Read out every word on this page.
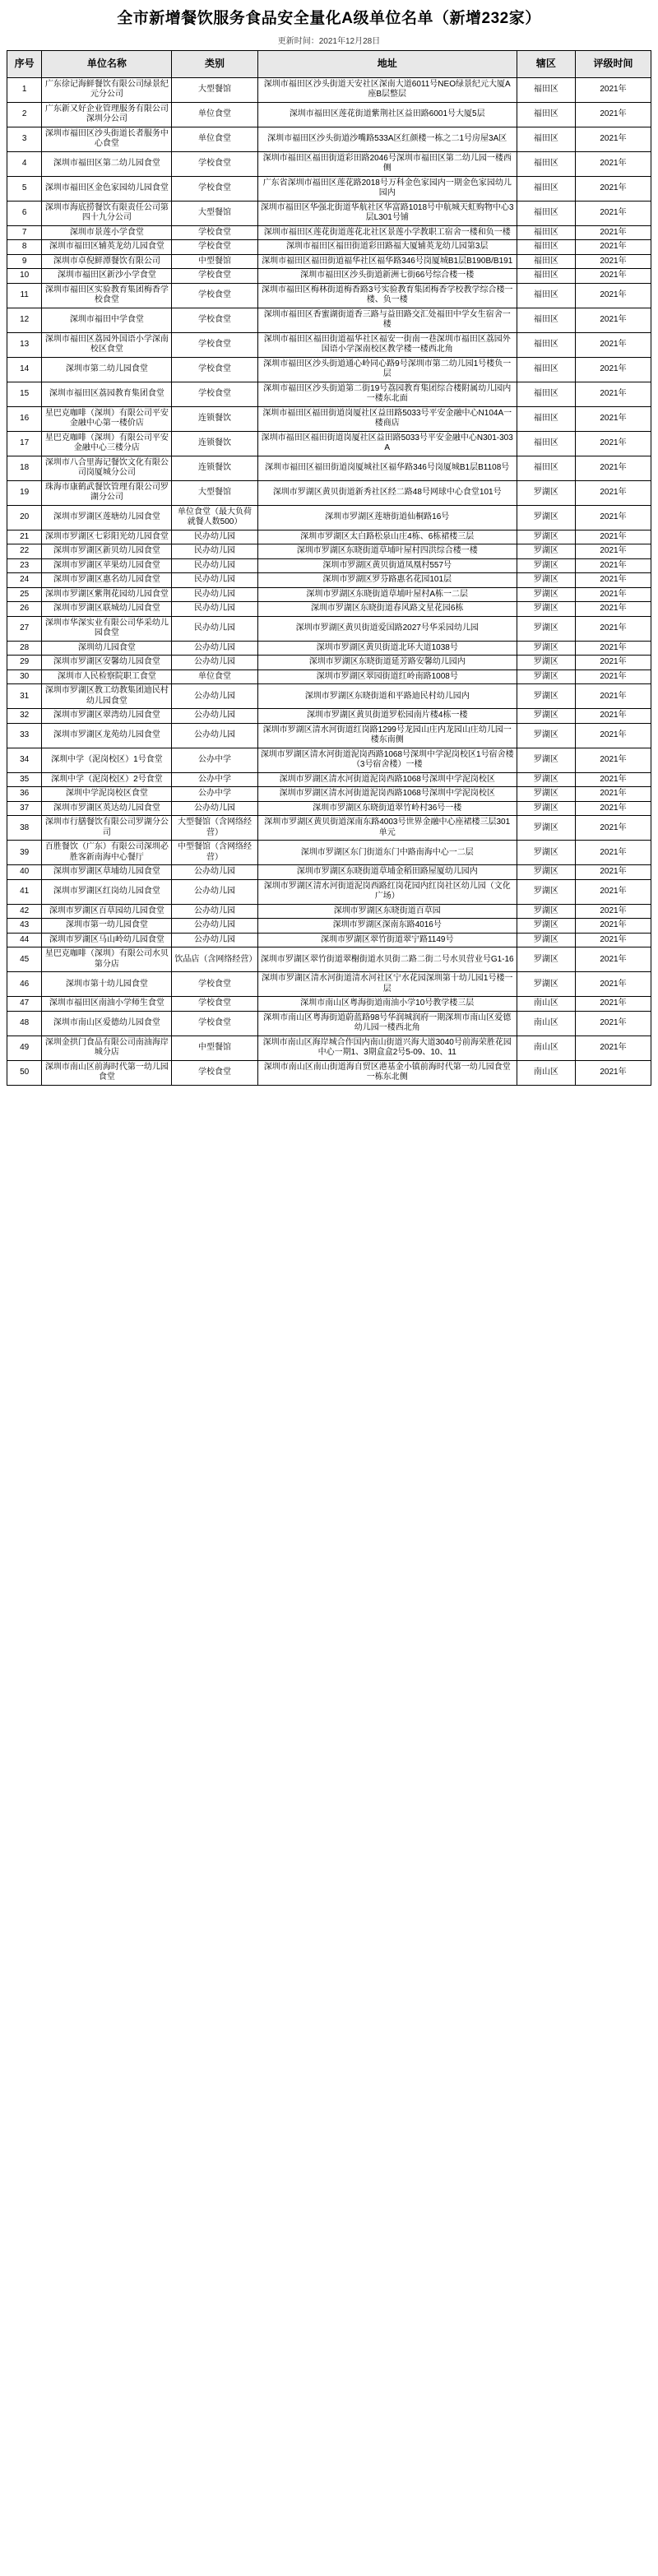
全市新增餐饮服务食品安全量化A级单位名单（新增232家）
更新时间：2021年12月28日
序号	单位名称	类别	地址	辖区	评级时间
1	广东徐记海鲜餐饮有限公司绿景纪元分公司	大型餐馆	深圳市福田区沙头街道天安社区深南大道6011号NEO绿景纪元大厦A座B层整层	福田区	2021年
2	广东新又好企业管理服务有限公司深圳分公司	单位食堂	深圳市福田区莲花街道紫荆社区益田路6001号大厦5层	福田区	2021年
3	深圳市福田区沙头街道长者服务中心食堂	单位食堂	深圳市福田区沙头街道沙嘴路533A区红颜楼一栋之二1号房屋3A区	福田区	2021年
4	深圳市福田区第二幼儿园食堂	学校食堂	深圳市福田区福田街道彩田路2046号深圳市福田区第二幼儿园一楼西侧	福田区	2021年
5	深圳市福田区金色家园幼儿园食堂	学校食堂	广东省深圳市福田区莲花路2018号万科金色家园内一期金色家园幼儿园内	福田区	2021年
6	深圳市海底捞餐饮有限责任公司第四十九分公司	大型餐馆	深圳市福田区华强北街道华航社区华富路1018号中航城天虹购物中心3层L301号铺	福田区	2021年
7	深圳市景莲小学食堂	学校食堂	深圳市福田区莲花街道莲花北社区景莲小学教职工宿舍一楼和负一楼	福田区	2021年
8	深圳市福田区辅英龙幼儿园食堂	学校食堂	深圳市福田区福田街道彩田路福大厦辅英龙幼儿园第3层	福田区	2021年
9	深圳市卓倪鲜潭餐饮有限公司	中型餐馆	深圳市福田区福田街道福华社区福华路346号岗厦城B1层B190B/B191	福田区	2021年
10	深圳市福田区新沙小学食堂	学校食堂	深圳市福田区沙头街道新洲七街66号综合楼一楼	福田区	2021年
11	深圳市福田区实验教育集团梅香学校食堂	学校食堂	深圳市福田区梅林街道梅香路3号实验教育集团梅香学校教学综合楼一楼、负一楼	福田区	2021年
12	深圳市福田中学食堂	学校食堂	深圳市福田区香蜜湖街道香三路与益田路交汇处福田中学女生宿舍一楼	福田区	2021年
13	深圳市福田区荔园外国语小学深南校区食堂	学校食堂	深圳市福田区福田街道福华社区福安一街南一巷深圳市福田区荔园外国语小学深南校区教学楼一楼西北角	福田区	2021年
14	深圳市第二幼儿园食堂	学校食堂	深圳市福田区沙头街道通心岭同心路9号深圳市第二幼儿园1号楼负一层	福田区	2021年
15	深圳市福田区荔园教育集团食堂	学校食堂	深圳市福田区沙头街道第二街19号荔园教育集团综合楼附属幼儿园内一楼东北面	福田区	2021年
16	星巴克咖啡（深圳）有限公司平安金融中心第一楼价店	连锁餐饮	深圳市福田区福田街道岗厦社区益田路5033号平安金融中心N104A一楼商店	福田区	2021年
17	星巴克咖啡（深圳）有限公司平安金融中心三楼分店	连锁餐饮	深圳市福田区福田街道岗厦社区益田路5033号平安金融中心N301-303A	福田区	2021年
18	深圳市八合里海记餐饮文化有限公司岗厦城分公司	连锁餐饮	深圳市福田区福田街道岗厦城社区福华路346号岗厦城B1层B1108号	福田区	2021年
19	珠海市康鹤武餐饮管理有限公司罗湖分公司	大型餐馆	深圳市罗湖区黄贝街道新秀社区经二路48号网球中心食堂101号	罗湖区	2021年
20	深圳市罗湖区莲塘幼儿园食堂	单位食堂（最大负荷就餐人数500）	深圳市罗湖区莲塘街道仙桐路16号	罗湖区	2021年
21	深圳市罗湖区七彩阳光幼儿园食堂	民办幼儿园	深圳市罗湖区太白路松泉山庄4栋、6栋裙楼三层	罗湖区	2021年
22	深圳市罗湖区新贝幼儿园食堂	民办幼儿园	深圳市罗湖区东晓街道草埔叶屋村四洪综合楼一楼	罗湖区	2021年
23	深圳市罗湖区苹果幼儿园食堂	民办幼儿园	深圳市罗湖区黄贝街道凤凰村557号	罗湖区	2021年
24	深圳市罗湖区惠名幼儿园食堂	民办幼儿园	深圳市罗湖区罗芬路惠名花园101层	罗湖区	2021年
25	深圳市罗湖区紫荆花园幼儿园食堂	民办幼儿园	深圳市罗湖区东晓街道草埔叶屋村A栋一二层	罗湖区	2021年
26	深圳市罗湖区联城幼儿园食堂	民办幼儿园	深圳市罗湖区东晓街道春风路文星花园6栋	罗湖区	2021年
27	深圳市华深实业有限公司华采幼儿园食堂	民办幼儿园	深圳市罗湖区黄贝街道爱国路2027号华采园幼儿园	罗湖区	2021年
28	深圳幼儿园食堂	公办幼儿园	深圳市罗湖区黄贝街道北环大道1038号	罗湖区	2021年
29	深圳市罗湖区安馨幼儿园食堂	公办幼儿园	深圳市罗湖区东晓街道延芳路安馨幼儿园内	罗湖区	2021年
30	深圳市人民检察院职工食堂	单位食堂	深圳市罗湖区翠园街道红岭南路1008号	罗湖区	2021年
31	深圳市罗湖区教工幼教集团迪民村幼儿园食堂	公办幼儿园	深圳市罗湖区东晓街道和平路迪民村幼儿园内	罗湖区	2021年
32	深圳市罗湖区翠湾幼儿园食堂	公办幼儿园	深圳市罗湖区黄贝街道罗松园南片楼4栋一楼	罗湖区	2021年
33	深圳市罗湖区龙苑幼儿园食堂	公办幼儿园	深圳市罗湖区清水河街道红岗路1299号龙园山庄内龙园山庄幼儿园一楼东南侧	罗湖区	2021年
34	深圳中学（泥岗校区）1号食堂	公办中学	深圳市罗湖区清水河街道泥岗西路1068号深圳中学泥岗校区1号宿舍楼（3号宿舍楼）一楼	罗湖区	2021年
35	深圳中学（泥岗校区）2号食堂	公办中学	深圳市罗湖区清水河街道泥岗西路1068号深圳中学泥岗校区	罗湖区	2021年
36	深圳中学泥岗校区食堂	公办中学	深圳市罗湖区清水河街道泥岗西路1068号深圳中学泥岗校区	罗湖区	2021年
37	深圳市罗湖区英达幼儿园食堂	公办幼儿园	深圳市罗湖区东晓街道翠竹岭村36号一楼	罗湖区	2021年
38	深圳市行膳餐饮有限公司罗湖分公司	大型餐馆（含网络经营）	深圳市罗湖区黄贝街道深南东路4003号世界金融中心座裙楼三层301单元	罗湖区	2021年
39	百胜餐饮（广东）有限公司深圳必胜客新南海中心餐厅	中型餐馆（含网络经营）	深圳市罗湖区东门街道东门中路南海中心一二层	罗湖区	2021年
40	深圳市罗湖区草埔幼儿园食堂	公办幼儿园	深圳市罗湖区东晓街道草埔金稻田路屋厦幼儿园内	罗湖区	2021年
41	深圳市罗湖区红岗幼儿园食堂	公办幼儿园	深圳市罗湖区清水河街道泥岗西路红岗花园内红岗社区幼儿园（文化广场）	罗湖区	2021年
42	深圳市罗湖区百草园幼儿园食堂	公办幼儿园	深圳市罗湖区东晓街道百草园	罗湖区	2021年
43	深圳市第一幼儿园食堂	公办幼儿园	深圳市罗湖区深南东路4016号	罗湖区	2021年
44	深圳市罗湖区马山岭幼儿园食堂	公办幼儿园	深圳市罗湖区翠竹街道翠宁路1149号	罗湖区	2021年
45	星巴克咖啡（深圳）有限公司水贝第分店	饮品店（含网络经营）	深圳市罗湖区翠竹街道翠榭街道水贝街二路二街二号水贝营业号G1-16	罗湖区	2021年
46	深圳市第十幼儿园食堂	学校食堂	深圳市罗湖区清水河街道清水河社区宁水花园深圳第十幼儿园1号楼一层	罗湖区	2021年
47	深圳市福田区南油小学师生食堂	学校食堂	深圳市南山区粤海街道南油小学10号教学楼三层	南山区	2021年
48	深圳市南山区爱德幼儿园食堂	学校食堂	深圳市南山区粤海街道蔚蓝路98号华润城润府一期深圳市南山区爱德幼儿园一楼西北角	南山区	2021年
49	深圳金拱门食品有限公司南油海岸城分店	中型餐馆	深圳市南山区海岸城合作国内南山街道兴海大道3040号前海荣胜花园中心一期1、3期盒盒2号5-09、10、11	南山区	2021年
50	深圳市南山区前海时代第一幼儿园食堂	学校食堂	深圳市南山区南山街道海自贸区港基金小镇前海时代第一幼儿园食堂一栋东北侧	南山区	2021年
